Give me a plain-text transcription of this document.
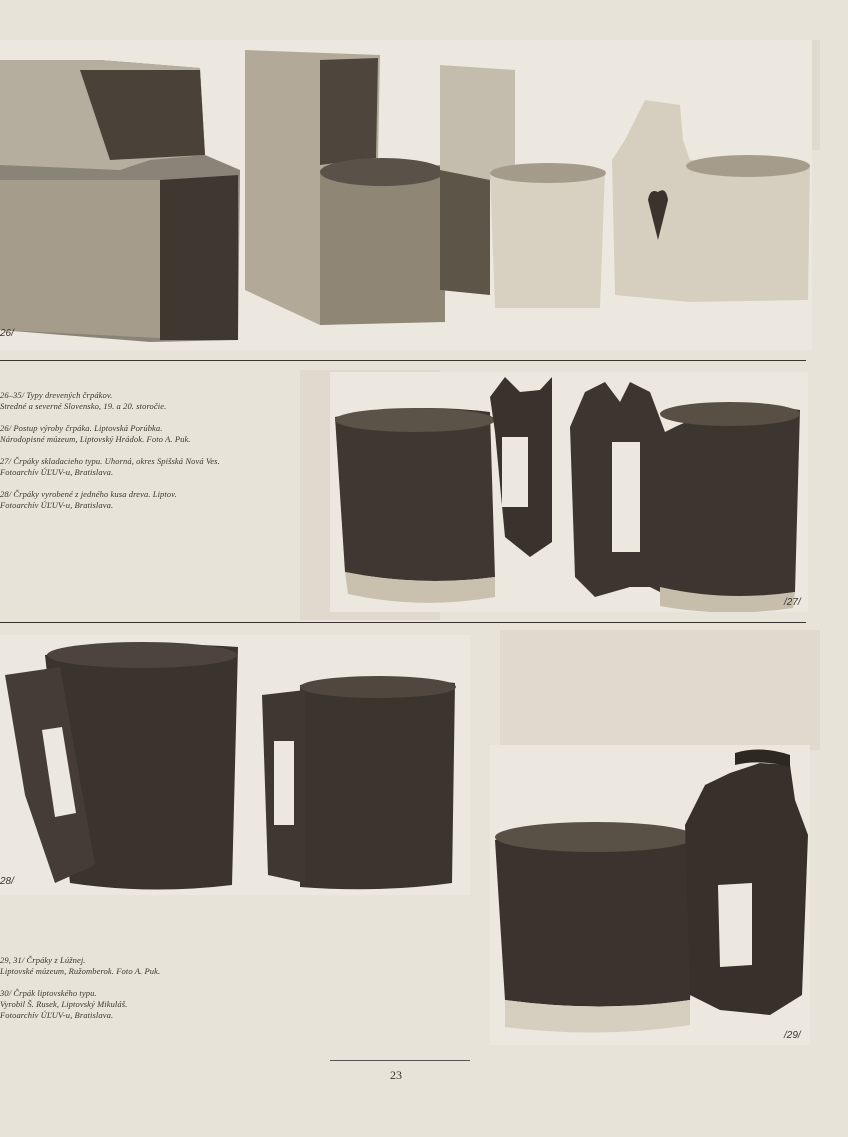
26/

26–35/ Typy drevených črpákov.
Stredné a severné Slovensko, 19. a 20. storočie.

26/ Postup výroby črpáka. Liptovská Porúbka.
Národopisné múzeum, Liptovský Hrádok. Foto A. Puk.

27/ Črpáky skladacieho typu. Uhorná, okres Spišská Nová Ves.
Fotoarchív ÚĽUV-u, Bratislava.

28/ Črpáky vyrobené z jedného kusa dreva. Liptov.
Fotoarchív ÚĽUV-u, Bratislava.

/27/
28/
/29/

29, 31/ Črpáky z Lúžnej.
Liptovské múzeum, Ružomberok. Foto A. Puk.

30/ Črpák liptovského typu.
Vyrobil Š. Rusek, Liptovský Mikuláš.
Fotoarchív ÚĽUV-u, Bratislava.

23
